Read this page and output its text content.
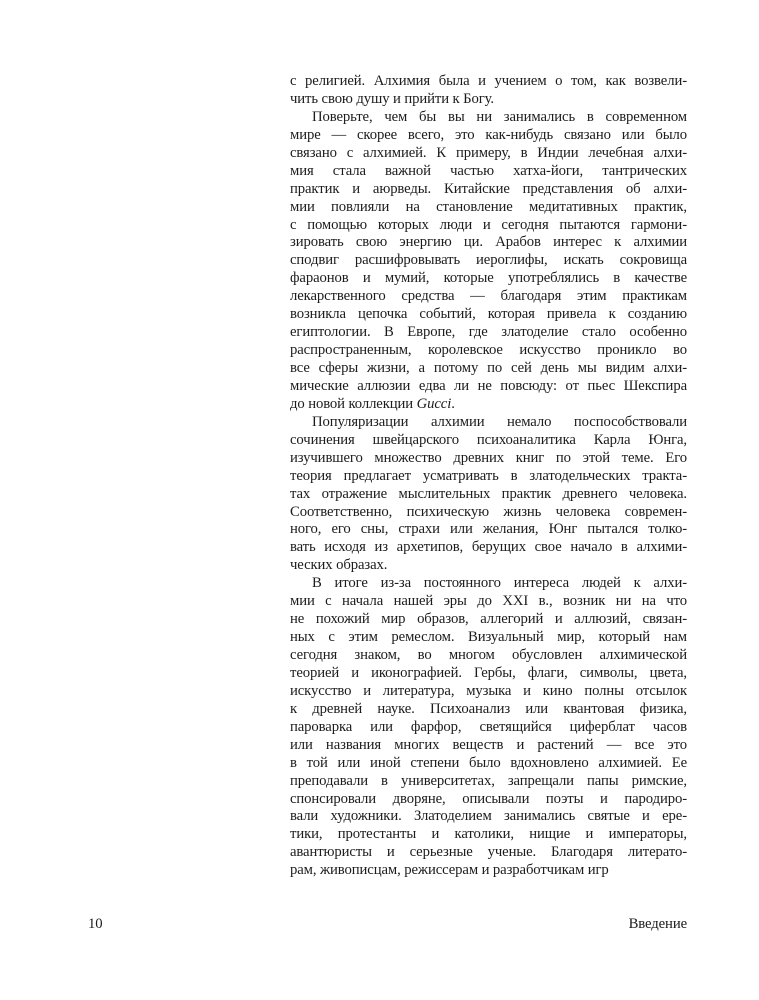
с религией. Алхимия была и учением о том, как возвели-
чить свою душу и прийти к Богу.
Поверьте, чем бы вы ни занимались в современном
мире — скорее всего, это как-нибудь связано или было
связано с алхимией. К примеру, в Индии лечебная алхи-
мия стала важной частью хатха-йоги, тантрических
практик и аюрведы. Китайские представления об алхи-
мии повлияли на становление медитативных практик,
с помощью которых люди и сегодня пытаются гармони-
зировать свою энергию ци. Арабов интерес к алхимии
сподвиг расшифровывать иероглифы, искать сокровища
фараонов и мумий, которые употреблялись в качестве
лекарственного средства — благодаря этим практикам
возникла цепочка событий, которая привела к созданию
египтологии. В Европе, где златоделие стало особенно
распространенным, королевское искусство проникло во
все сферы жизни, а потому по сей день мы видим алхи-
мические аллюзии едва ли не повсюду: от пьес Шекспира
до новой коллекции Gucci.
Популяризации алхимии немало поспособствовали
сочинения швейцарского психоаналитика Карла Юнга,
изучившего множество древних книг по этой теме. Его
теория предлагает усматривать в златодельческих тракта-
тах отражение мыслительных практик древнего человека.
Соответственно, психическую жизнь человека современ-
ного, его сны, страхи или желания, Юнг пытался толко-
вать исходя из архетипов, берущих свое начало в алхими-
ческих образах.
В итоге из-за постоянного интереса людей к алхи-
мии с начала нашей эры до XXI в., возник ни на что
не похожий мир образов, аллегорий и аллюзий, связан-
ных с этим ремеслом. Визуальный мир, который нам
сегодня знаком, во многом обусловлен алхимической
теорией и иконографией. Гербы, флаги, символы, цвета,
искусство и литература, музыка и кино полны отсылок
к древней науке. Психоанализ или квантовая физика,
пароварка или фарфор, светящийся циферблат часов
или названия многих веществ и растений — все это
в той или иной степени было вдохновлено алхимией. Ее
преподавали в университетах, запрещали папы римские,
спонсировали дворяне, описывали поэты и пародиро-
вали художники. Златоделием занимались святые и ере-
тики, протестанты и католики, нищие и императоры,
авантюристы и серьезные ученые. Благодаря литерато-
рам, живописцам, режиссерам и разработчикам игр
10	Введение
